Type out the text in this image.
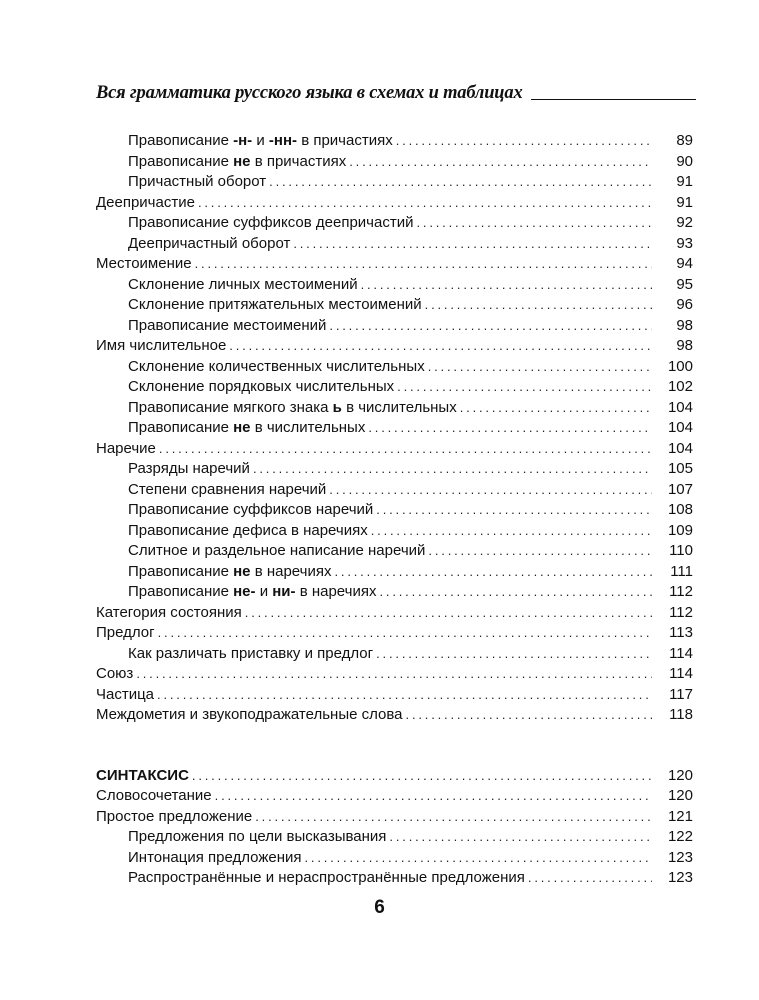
Вся грамматика русского языка в схемах и таблицах
Правописание -н- и -нн- в причастиях . . .	89
Правописание не в причастиях . . .	90
Причастный оборот . . .	91
Деепричастие . . .	91
Правописание суффиксов деепричастий . . .	92
Деепричастный оборот . . .	93
Местоимение . . .	94
Склонение личных местоимений . . .	95
Склонение притяжательных местоимений . . .	96
Правописание местоимений . . .	98
Имя числительное . . .	98
Склонение количественных числительных . . .	100
Склонение порядковых числительных . . .	102
Правописание мягкого знака ь в числительных . . .	104
Правописание не в числительных . . .	104
Наречие . . .	104
Разряды наречий . . .	105
Степени сравнения наречий . . .	107
Правописание суффиксов наречий . . .	108
Правописание дефиса в наречиях . . .	109
Слитное и раздельное написание наречий . . .	110
Правописание не в наречиях . . .	111
Правописание не- и ни- в наречиях . . .	112
Категория состояния . . .	112
Предлог . . .	113
Как различать приставку и предлог . . .	114
Союз . . .	114
Частица . . .	117
Междометия и звукоподражательные слова . . .	118
СИНТАКСИС . . .	120
Словосочетание . . .	120
Простое предложение . . .	121
Предложения по цели высказывания . . .	122
Интонация предложения . . .	123
Распространённые и нераспространённые предложения . . .	123
6
